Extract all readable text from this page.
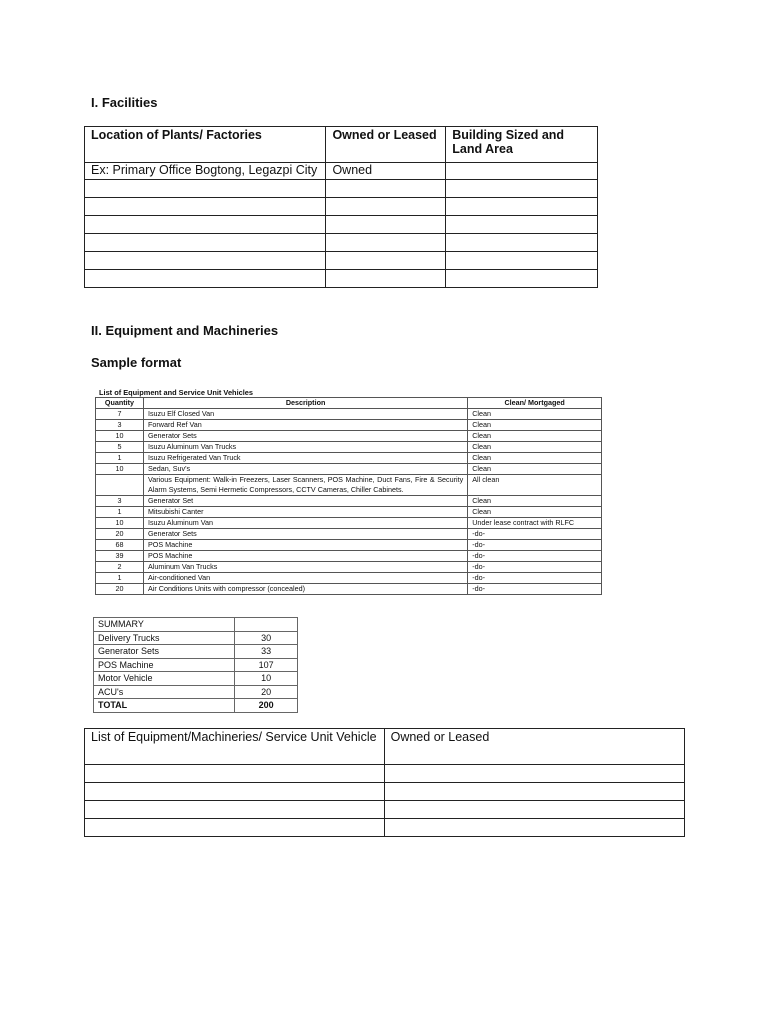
I. Facilities
Location of Plants/ Factories	Owned or Leased	Building Sized and Land Area
Ex: Primary Office Bogtong, Legazpi City	Owned	

II. Equipment and Machineries
Sample format
List of Equipment and Service Unit Vehicles
Quantity	Description	Clean/ Mortgaged
7	Isuzu Elf Closed Van	Clean
3	Forward Ref Van	Clean
10	Generator Sets	Clean
5	Isuzu Aluminum Van Trucks	Clean
1	Isuzu Refrigerated Van Truck	Clean
10	Sedan, Suv's	Clean
	Various Equipment: Walk-in Freezers, Laser Scanners, POS Machine, Duct Fans, Fire & Security Alarm Systems, Semi Hermetic Compressors, CCTV Cameras, Chiller Cabinets.	All clean
3	Generator Set	Clean
1	Mitsubishi Canter	Clean
10	Isuzu Aluminum Van	Under lease contract with RLFC
20	Generator Sets	-do-
68	POS Machine	-do-
39	POS Machine	-do-
2	Aluminum Van Trucks	-do-
1	Air-conditioned Van	-do-
20	Air Conditions Units with compressor (concealed)	-do-
SUMMARY	
Delivery Trucks	30
Generator Sets	33
POS Machine	107
Motor Vehicle	10
ACU's	20
TOTAL	200
List of Equipment/Machineries/ Service Unit Vehicle	Owned or Leased
